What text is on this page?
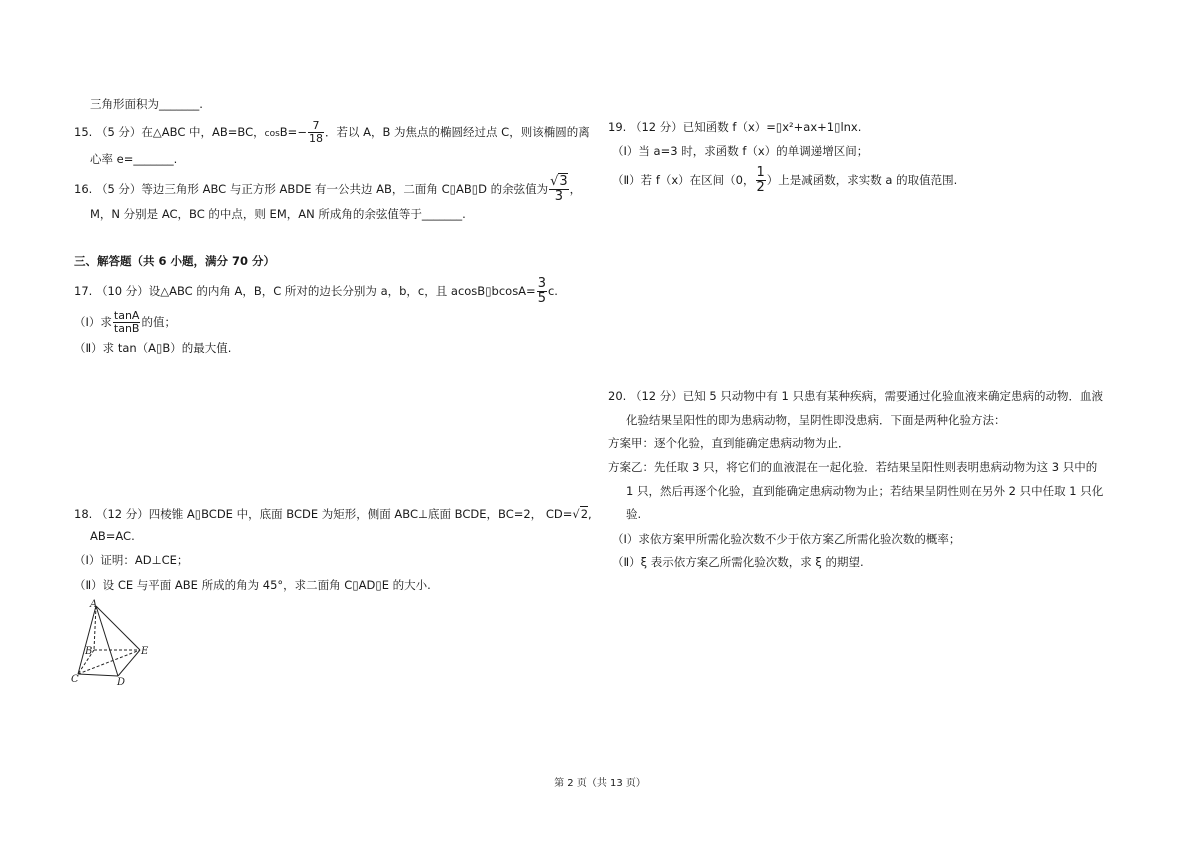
三角形面积为_______.
15. （5 分）在△ABC 中，AB=BC，$\cos B=- \frac{7}{18}$ ．若以 A，B 为焦点的椭圆经过点 C，则该椭圆的离
心率 e=_______.
16. （5 分）等边三角形 ABC 与正方形 ABDE 有一公共边 AB，二面角 C▯AB▯D 的余弦值为 $\frac{√3}{3}$ ，
M，N 分别是 AC，BC 的中点，则 EM，AN 所成角的余弦值等于_______.
三、解答题（共 6 小题，满分 70 分）
17. （10 分）设△ABC 的内角 A，B，C 所对的边长分别为 a，b，c，且 acosB▯bcosA= $\frac{3}{5} c$.
（Ⅰ）求 $\frac{\tan A}{\tan B}$ 的值；
（Ⅱ）求 tan（A▯B）的最大值.
18. （12 分）四棱锥 A▯BCDE 中，底面 BCDE 为矩形，侧面 ABC⊥底面 BCDE，BC=2， CD=√2,
AB=AC.
（Ⅰ）证明：AD⊥CE；
（Ⅱ）设 CE 与平面 ABE 所成的角为 45°，求二面角 C▯AD▯E 的大小.
A
B	E
C	D
19. （12 分）已知函数 f（x）=▯x²+ax+1▯lnx.
（Ⅰ）当 a=3 时，求函数 f（x）的单调递增区间；
（Ⅱ）若 f（x）在区间（0， $\frac{1}{2}$ ）上是减函数，求实数 a 的取值范围.
20. （12 分）已知 5 只动物中有 1 只患有某种疾病，需要通过化验血液来确定患病的动物．血液
化验结果呈阳性的即为患病动物，呈阴性即没患病．下面是两种化验方法：
方案甲：逐个化验，直到能确定患病动物为止．
方案乙：先任取 3 只，将它们的血液混在一起化验．若结果呈阳性则表明患病动物为这 3 只中的
1 只，然后再逐个化验，直到能确定患病动物为止；若结果呈阴性则在另外 2 只中任取 1 只化
验.
（Ⅰ）求依方案甲所需化验次数不少于依方案乙所需化验次数的概率；
（Ⅱ）ξ 表示依方案乙所需化验次数，求 ξ 的期望.
第 2 页（共 13 页）
